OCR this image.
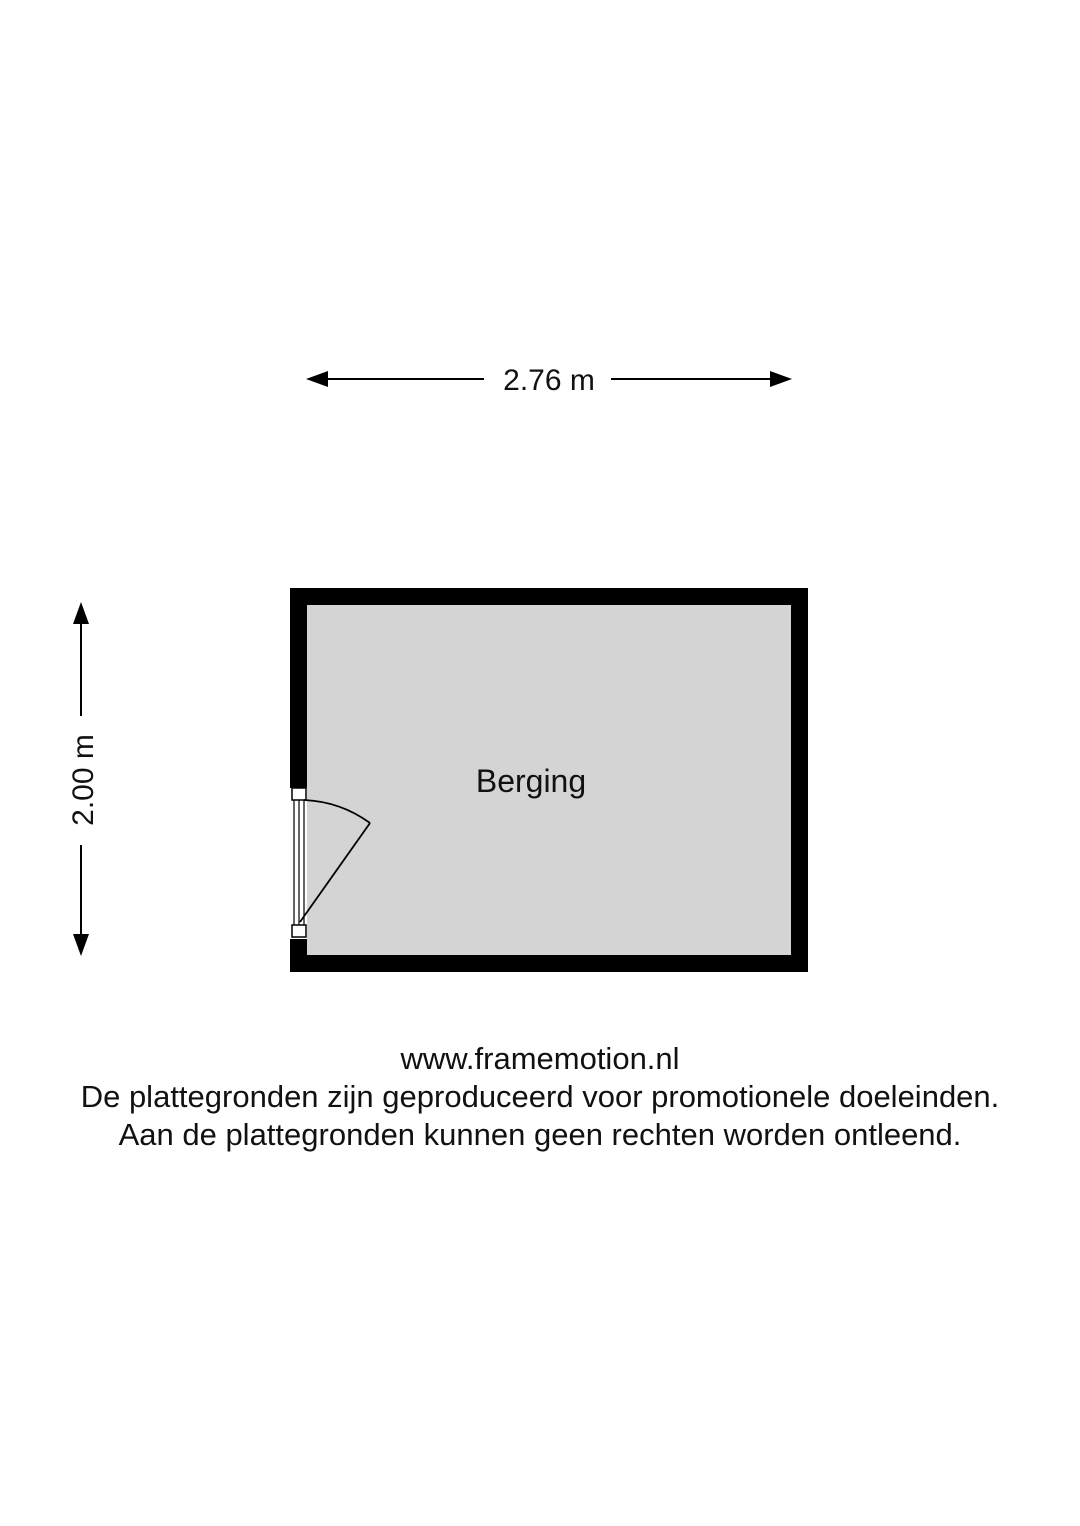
2.76 m
2.00 m	Berging
www.framemotion.nl
De plattegronden zijn geproduceerd voor promotionele doeleinden.
Aan de plattegronden kunnen geen rechten worden ontleend.
